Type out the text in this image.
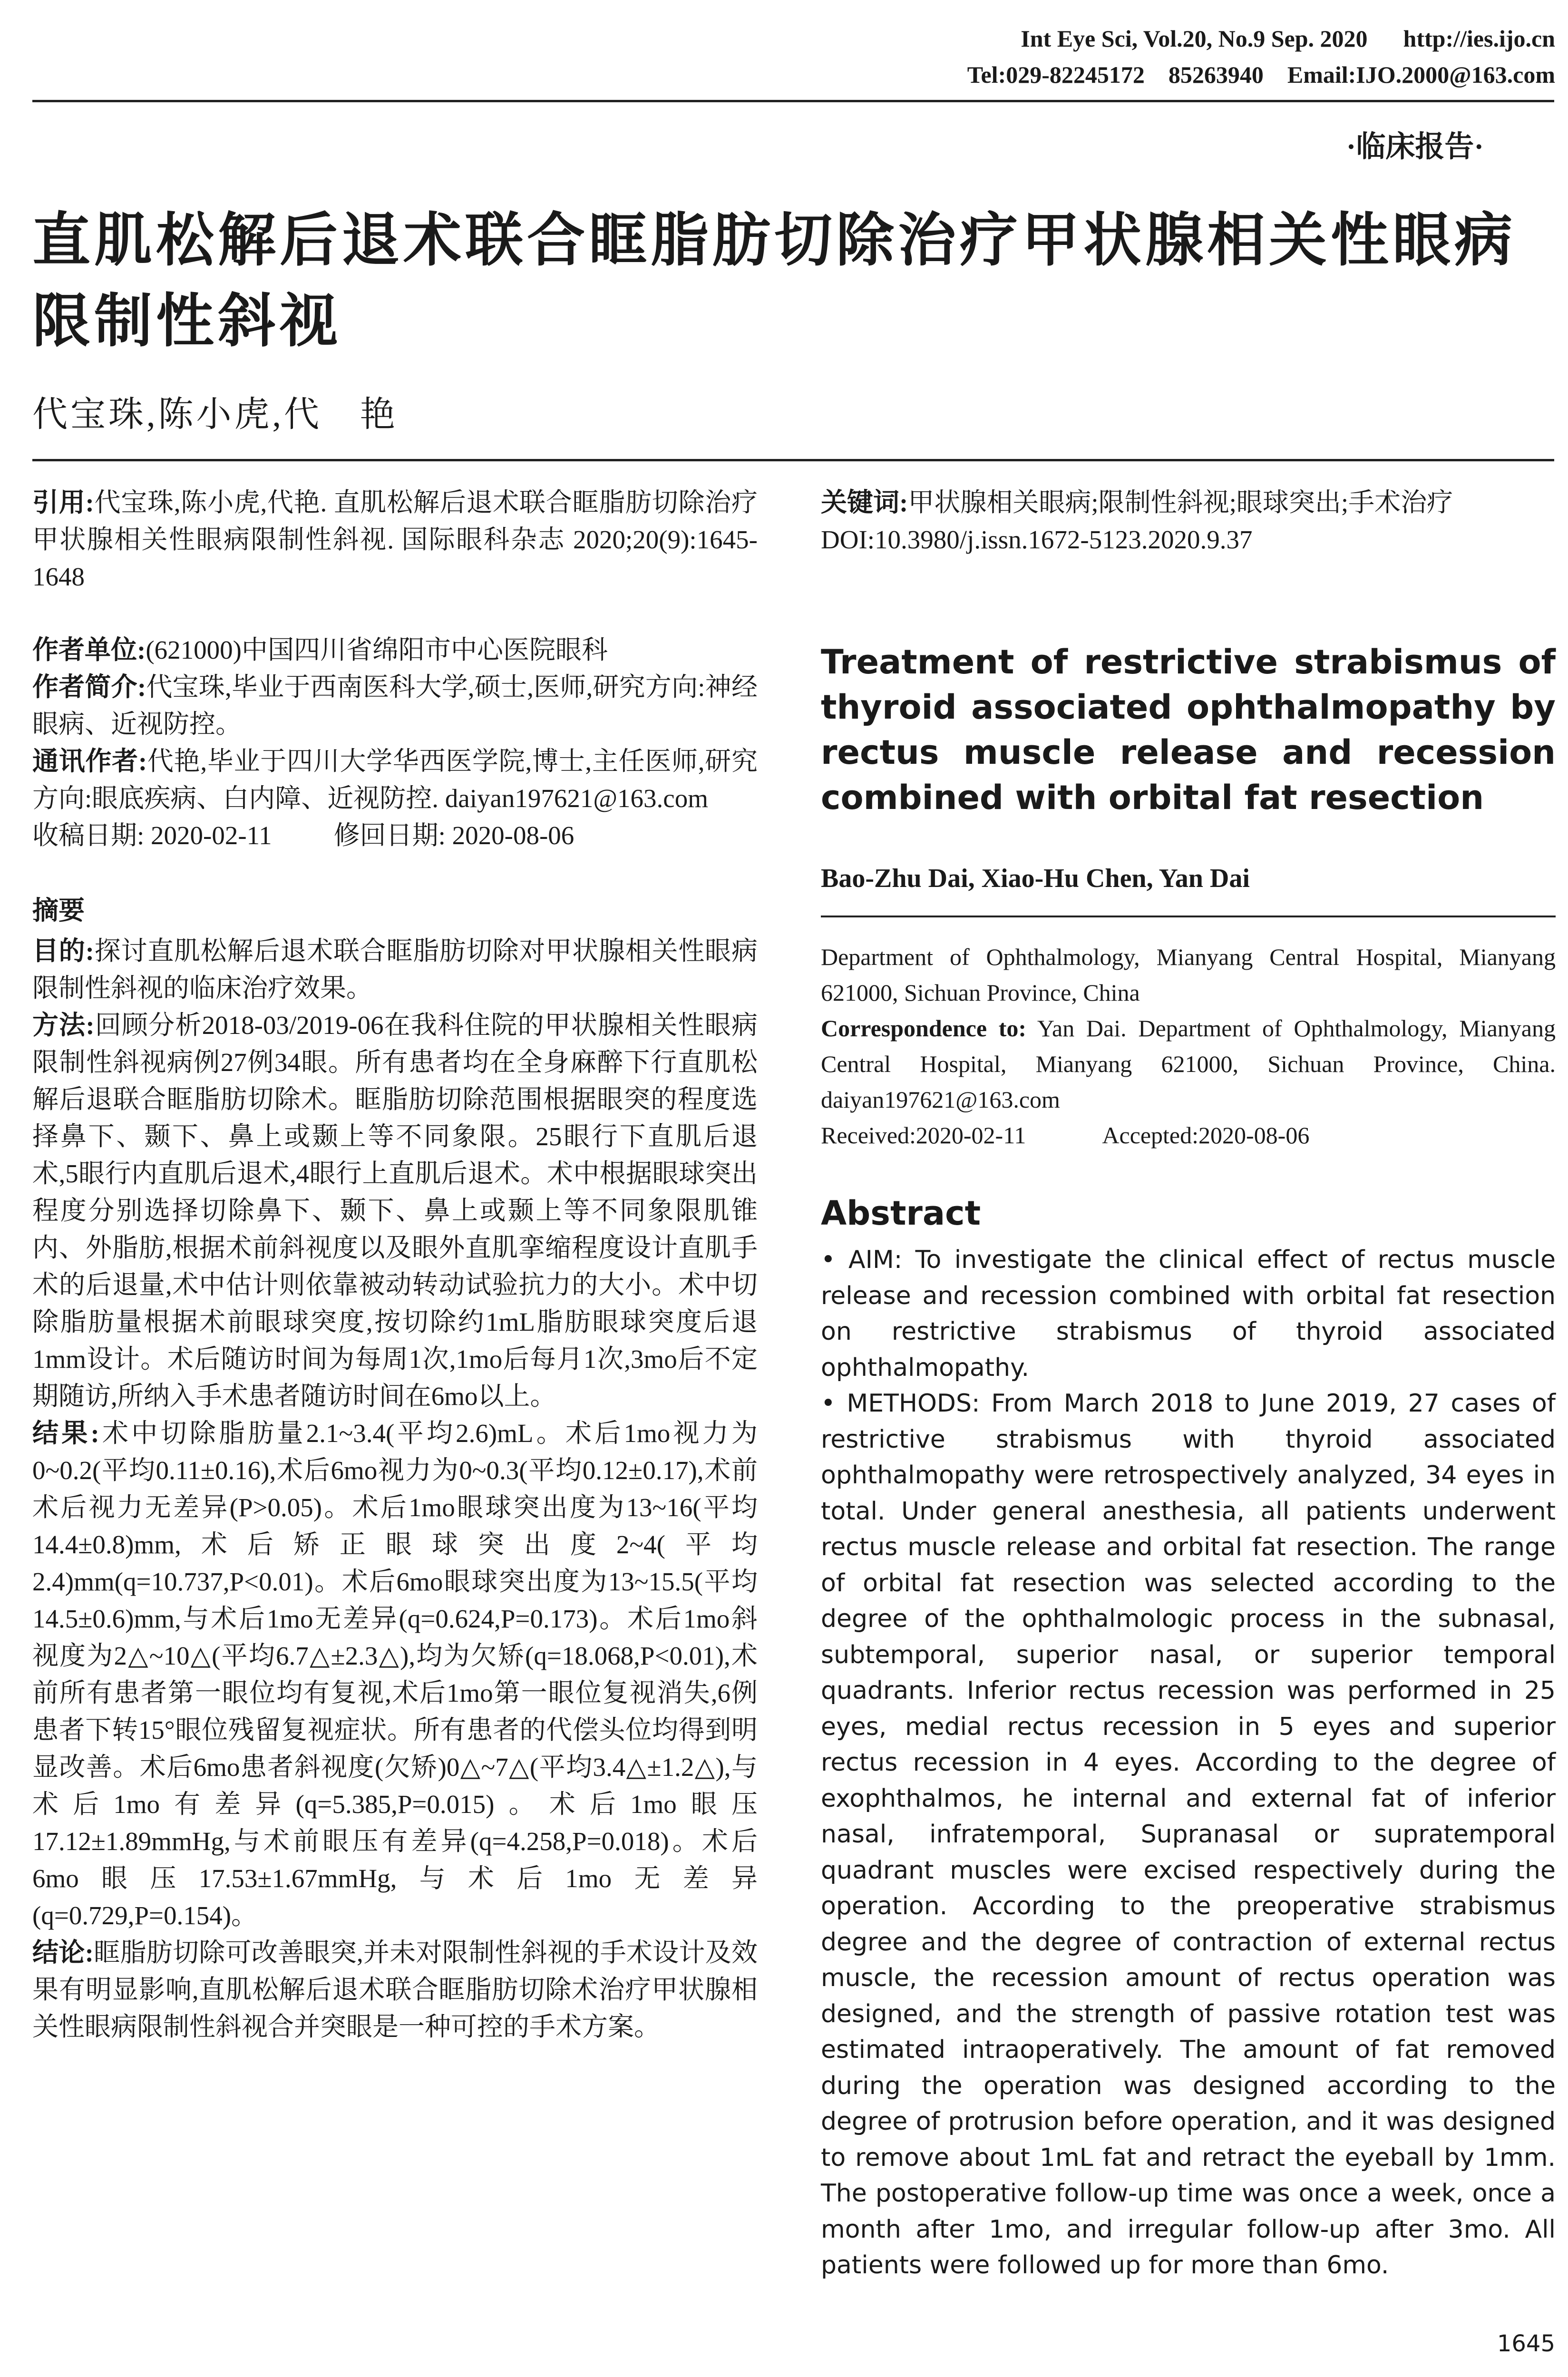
Int Eye Sci, Vol.20, No.9 Sep. 2020      http://ies.ijo.cn
Tel:029-82245172    85263940    Email:IJO.2000@163.com
·临床报告·
直肌松解后退术联合眶脂肪切除治疗甲状腺相关性眼病限制性斜视
代宝珠,陈小虎,代　艳

引用:代宝珠,陈小虎,代艳. 直肌松解后退术联合眶脂肪切除治疗甲状腺相关性眼病限制性斜视. 国际眼科杂志 2020;20(9):1645-1648

作者单位:(621000)中国四川省绵阳市中心医院眼科

作者简介:代宝珠,毕业于西南医科大学,硕士,医师,研究方向:神经眼病、近视防控。

通讯作者:代艳,毕业于四川大学华西医学院,博士,主任医师,研究方向:眼底疾病、白内障、近视防控. daiyan197621@163.com

收稿日期: 2020-02-11 修回日期: 2020-08-06

摘要

目的:探讨直肌松解后退术联合眶脂肪切除对甲状腺相关性眼病限制性斜视的临床治疗效果。

方法:回顾分析2018-03/2019-06在我科住院的甲状腺相关性眼病限制性斜视病例27例34眼。所有患者均在全身麻醉下行直肌松解后退联合眶脂肪切除术。眶脂肪切除范围根据眼突的程度选择鼻下、颞下、鼻上或颞上等不同象限。25眼行下直肌后退术,5眼行内直肌后退术,4眼行上直肌后退术。术中根据眼球突出程度分别选择切除鼻下、颞下、鼻上或颞上等不同象限肌锥内、外脂肪,根据术前斜视度以及眼外直肌挛缩程度设计直肌手术的后退量,术中估计则依靠被动转动试验抗力的大小。术中切除脂肪量根据术前眼球突度,按切除约1mL脂肪眼球突度后退1mm设计。术后随访时间为每周1次,1mo后每月1次,3mo后不定期随访,所纳入手术患者随访时间在6mo以上。

结果:术中切除脂肪量2.1~3.4(平均2.6)mL。术后1mo视力为0~0.2(平均0.11±0.16),术后6mo视力为0~0.3(平均0.12±0.17),术前术后视力无差异(P>0.05)。术后1mo眼球突出度为13~16(平均14.4±0.8)mm,术后矫正眼球突出度2~4(平均2.4)mm(q=10.737,P<0.01)。术后6mo眼球突出度为13~15.5(平均14.5±0.6)mm,与术后1mo无差异(q=0.624,P=0.173)。术后1mo斜视度为2△~10△(平均6.7△±2.3△),均为欠矫(q=18.068,P<0.01),术前所有患者第一眼位均有复视,术后1mo第一眼位复视消失,6例患者下转15°眼位残留复视症状。所有患者的代偿头位均得到明显改善。术后6mo患者斜视度(欠矫)0△~7△(平均3.4△±1.2△),与术后1mo有差异(q=5.385,P=0.015)。术后1mo眼压17.12±1.89mmHg,与术前眼压有差异(q=4.258,P=0.018)。术后6mo眼压17.53±1.67mmHg,与术后1mo无差异(q=0.729,P=0.154)。

结论:眶脂肪切除可改善眼突,并未对限制性斜视的手术设计及效果有明显影响,直肌松解后退术联合眶脂肪切除术治疗甲状腺相关性眼病限制性斜视合并突眼是一种可控的手术方案。

关键词:甲状腺相关眼病;限制性斜视;眼球突出;手术治疗

DOI:10.3980/j.issn.1672-5123.2020.9.37

Treatment of restrictive strabismus of
thyroid associated ophthalmopathy by
rectus muscle release and recession
combined with orbital fat resection
Bao-Zhu Dai, Xiao-Hu Chen, Yan Dai

Department of Ophthalmology, Mianyang Central Hospital, Mianyang 621000, Sichuan Province, China

Correspondence to: Yan Dai. Department of Ophthalmology, Mianyang Central Hospital, Mianyang 621000, Sichuan Province, China. daiyan197621@163.com

Received:2020-02-11	Accepted:2020-08-06

Abstract

• AIM: To investigate the clinical effect of rectus muscle release and recession combined with orbital fat resection on restrictive strabismus of thyroid associated ophthalmopathy.

• METHODS: From March 2018 to June 2019, 27 cases of restrictive strabismus with thyroid associated ophthalmopathy were retrospectively analyzed, 34 eyes in total. Under general anesthesia, all patients underwent rectus muscle release and orbital fat resection. The range of orbital fat resection was selected according to the degree of the ophthalmologic process in the subnasal, subtemporal, superior nasal, or superior temporal quadrants. Inferior rectus recession was performed in 25 eyes, medial rectus recession in 5 eyes and superior rectus recession in 4 eyes. According to the degree of exophthalmos, he internal and external fat of inferior nasal, infratemporal, Supranasal or supratemporal quadrant muscles were excised respectively during the operation. According to the preoperative strabismus degree and the degree of contraction of external rectus muscle, the recession amount of rectus operation was designed, and the strength of passive rotation test was estimated intraoperatively. The amount of fat removed during the operation was designed according to the degree of protrusion before operation, and it was designed to remove about 1mL fat and retract the eyeball by 1mm. The postoperative follow-up time was once a week, once a month after 1mo, and irregular follow-up after 3mo. All patients were followed up for more than 6mo.

1645
